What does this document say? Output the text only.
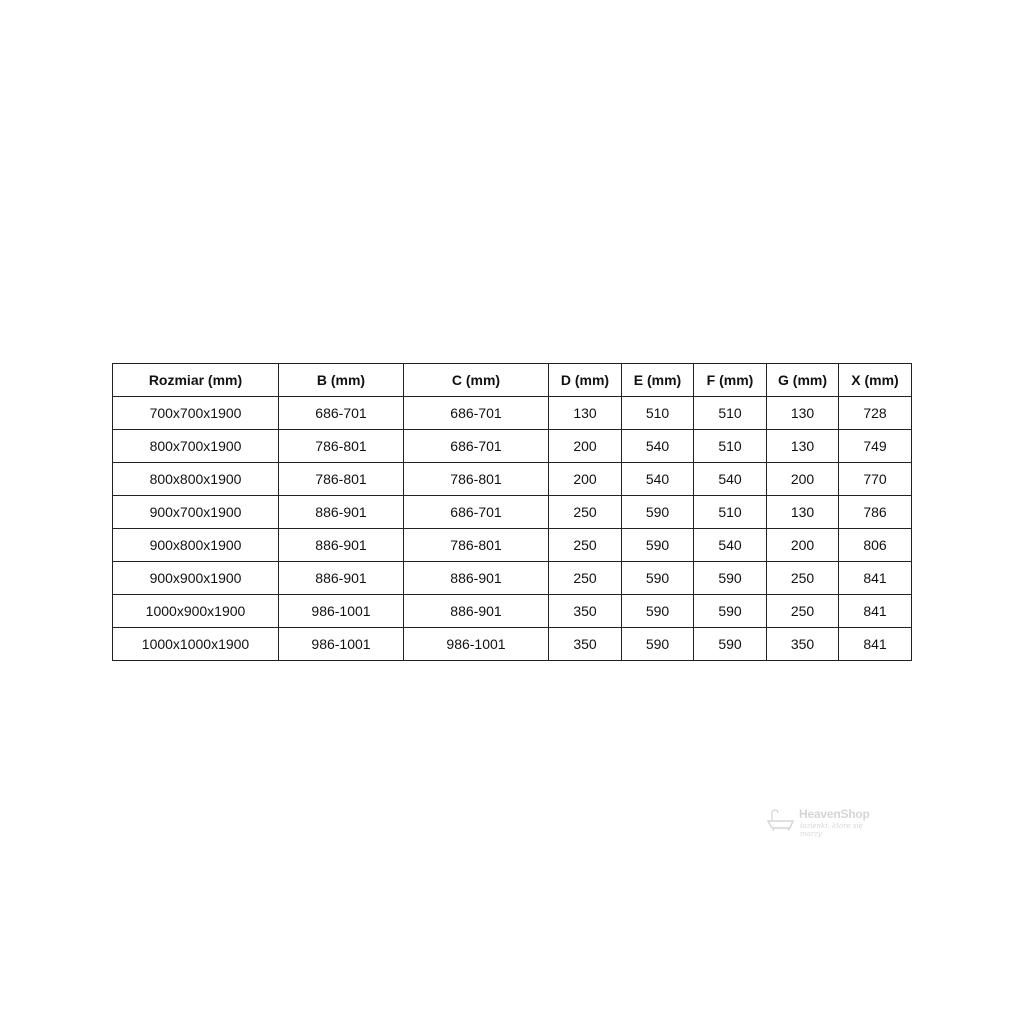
Rozmiar (mm)	B (mm)	C (mm)	D (mm)	E (mm)	F (mm)	G (mm)	X (mm)
700x700x1900	686-701	686-701	130	510	510	130	728
800x700x1900	786-801	686-701	200	540	510	130	749
800x800x1900	786-801	786-801	200	540	540	200	770
900x700x1900	886-901	686-701	250	590	510	130	786
900x800x1900	886-901	786-801	250	590	540	200	806
900x900x1900	886-901	886-901	250	590	590	250	841
1000x900x1900	986-1001	886-901	350	590	590	250	841
1000x1000x1900	986-1001	986-1001	350	590	590	350	841
HeavenShop
łazienki, które się marzy
